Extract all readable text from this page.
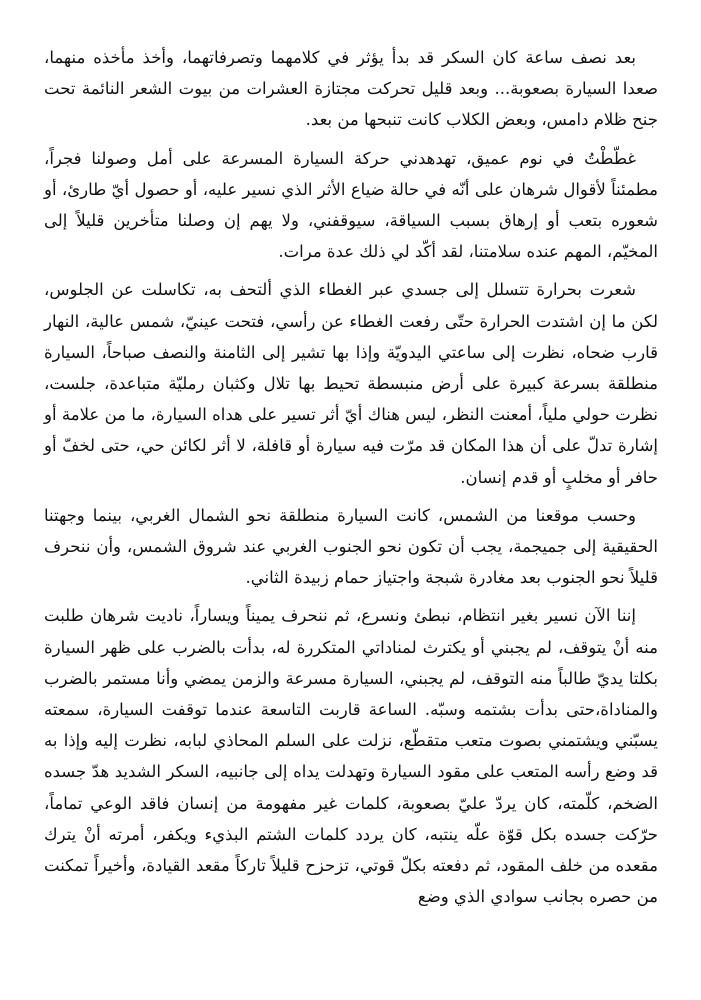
بعد نصف ساعة كان السكر قد بدأ يؤثر في كلامهما وتصرفاتهما، وأخذ مأخذه منهما، صعدا السيارة بصعوبة... وبعد قليل تحركت مجتازة العشرات من بيوت الشعر النائمة تحت جنح ظلام دامس، وبعض الكلاب كانت تنبحها من بعد.

غطّطْتُ في نوم عميق، تهدهدني حركة السيارة المسرعة على أمل وصولنا فجراً، مطمئناً لأقوال شرهان على أنّه في حالة ضياع الأثر الذي نسير عليه، أو حصول أيّ طارئ، أو شعوره بتعب أو إرهاق بسبب السياقة، سيوقفني، ولا يهم إن وصلنا متأخرين قليلاً إلى المخيّم، المهم عنده سلامتنا، لقد أكّد لي ذلك عدة مرات.

شعرت بحرارة تتسلل إلى جسدي عبر الغطاء الذي ألتحف به، تكاسلت عن الجلوس، لكن ما إن اشتدت الحرارة حتّى رفعت الغطاء عن رأسي، فتحت عينيّ، شمس عالية، النهار قارب ضحاه، نظرت إلى ساعتي اليدويّة وإذا بها تشير إلى الثامنة والنصف صباحاً، السيارة منطلقة بسرعة كبيرة على أرض منبسطة تحيط بها تلال وكثبان رمليّة متباعدة، جلست، نظرت حولي ملياً، أمعنت النظر، ليس هناك أيّ أثر تسير على هداه السيارة، ما من علامة أو إشارة تدلّ على أن هذا المكان قد مرّت فيه سيارة أو قافلة، لا أثر لكائن حي، حتى لخفّ أو حافر أو مخلبٍ أو قدم إنسان.

وحسب موقعنا من الشمس، كانت السيارة منطلقة نحو الشمال الغربي، بينما وجهتنا الحقيقية إلى جميجمة، يجب أن تكون نحو الجنوب الغربي عند شروق الشمس، وأن ننحرف قليلاً نحو الجنوب بعد مغادرة شبجة واجتياز حمام زبيدة الثاني.

إننا الآن نسير بغير انتظام، نبطئ ونسرع، ثم ننحرف يميناً ويساراً، ناديت شرهان طلبت منه أنْ يتوقف، لم يجبني أو يكترث لمناداتي المتكررة له، بدأت بالضرب على ظهر السيارة بكلتا يديّ طالباً منه التوقف، لم يجبني، السيارة مسرعة والزمن يمضي وأنا مستمر بالضرب والمناداة،حتى بدأت بشتمه وسبّه. الساعة قاربت التاسعة عندما توقفت السيارة، سمعته يسبّني ويشتمني بصوت متعب متقطّع، نزلت على السلم المحاذي لبابه، نظرت إليه وإذا به قد وضع رأسه المتعب على مقود السيارة وتهدلت يداه إلى جانبيه، السكر الشديد هدّ جسده الضخم، كلّمته، كان يردّ عليّ بصعوبة، كلمات غير مفهومة من إنسان فاقد الوعي تماماً، حرّكت جسده بكل قوّة علّه ينتبه، كان يردد كلمات الشتم البذيء ويكفر، أمرته أنْ يترك مقعده من خلف المقود، ثم دفعته بكلّ قوتي، تزحزح قليلاً تاركاً مقعد القيادة، وأخيراً تمكنت من حصره بجانب سوادي الذي وضع
